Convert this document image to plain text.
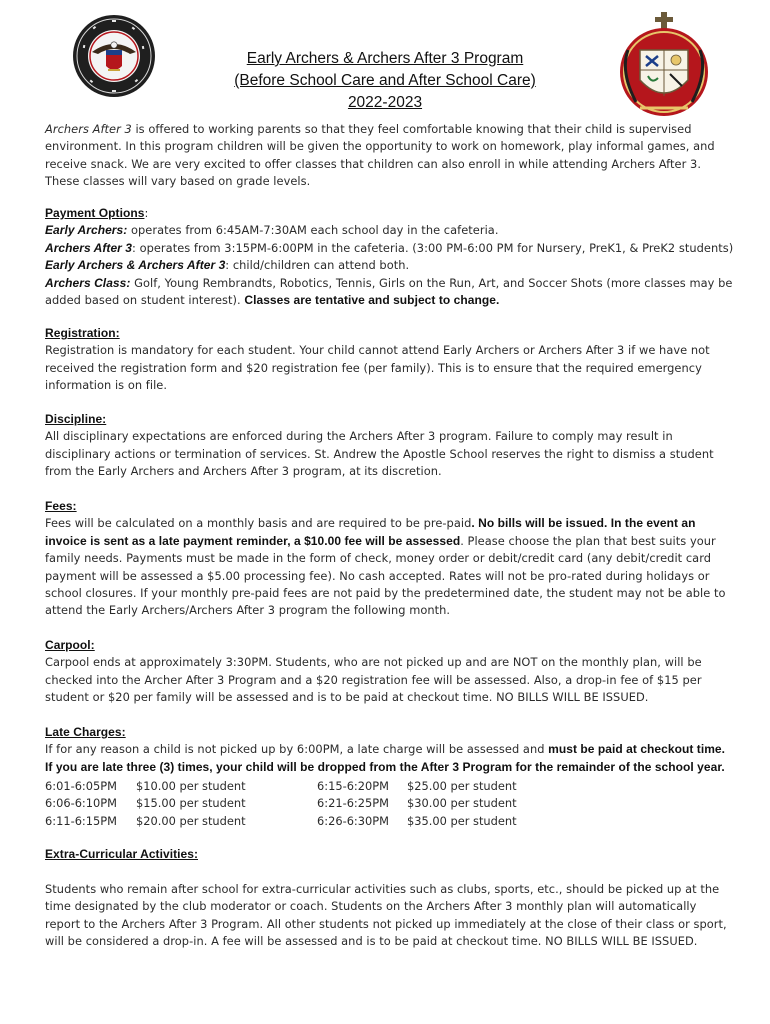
Early Archers & Archers After 3 Program
(Before School Care and After School Care)
2022-2023

Archers After 3 is offered to working parents so that they feel comfortable knowing that their child is supervised environment. In this program children will be given the opportunity to work on homework, play informal games, and receive snack. We are very excited to offer classes that children can also enroll in while attending Archers After 3. These classes will vary based on grade levels.

Payment Options:

Early Archers: operates from 6:45AM-7:30AM each school day in the cafeteria.

Archers After 3: operates from 3:15PM-6:00PM in the cafeteria. (3:00 PM-6:00 PM for Nursery, PreK1, & PreK2 students)

Early Archers & Archers After 3: child/children can attend both.

Archers Class: Golf, Young Rembrandts, Robotics, Tennis, Girls on the Run, Art, and Soccer Shots (more classes may be added based on student interest). Classes are tentative and subject to change.

Registration:

Registration is mandatory for each student. Your child cannot attend Early Archers or Archers After 3 if we have not received the registration form and $20 registration fee (per family). This is to ensure that the required emergency information is on file.

Discipline:

All disciplinary expectations are enforced during the Archers After 3 program. Failure to comply may result in disciplinary actions or termination of services. St. Andrew the Apostle School reserves the right to dismiss a student from the Early Archers and Archers After 3 program, at its discretion.

Fees:

Fees will be calculated on a monthly basis and are required to be pre-paid. No bills will be issued. In the event an invoice is sent as a late payment reminder, a $10.00 fee will be assessed. Please choose the plan that best suits your family needs. Payments must be made in the form of check, money order or debit/credit card (any debit/credit card payment will be assessed a $5.00 processing fee). No cash accepted. Rates will not be pro-rated during holidays or school closures. If your monthly pre-paid fees are not paid by the predetermined date, the student may not be able to attend the Early Archers/Archers After 3 program the following month.

Carpool:

Carpool ends at approximately 3:30PM. Students, who are not picked up and are NOT on the monthly plan, will be checked into the Archer After 3 Program and a $20 registration fee will be assessed. Also, a drop-in fee of $15 per student or $20 per family will be assessed and is to be paid at checkout time. NO BILLS WILL BE ISSUED.

Late Charges:

If for any reason a child is not picked up by 6:00PM, a late charge will be assessed and must be paid at checkout time. If you are late three (3) times, your child will be dropped from the After 3 Program for the remainder of the school year.

6:01-6:05PM $10.00 per student	6:15-6:20PM $25.00 per student
6:06-6:10PM $15.00 per student	6:21-6:25PM $30.00 per student
6:11-6:15PM $20.00 per student	6:26-6:30PM $35.00 per student

Extra-Curricular Activities:

Students who remain after school for extra-curricular activities such as clubs, sports, etc., should be picked up at the time designated by the club moderator or coach. Students on the Archers After 3 monthly plan will automatically report to the Archers After 3 Program. All other students not picked up immediately at the close of their class or sport, will be considered a drop-in. A fee will be assessed and is to be paid at checkout time. NO BILLS WILL BE ISSUED.
